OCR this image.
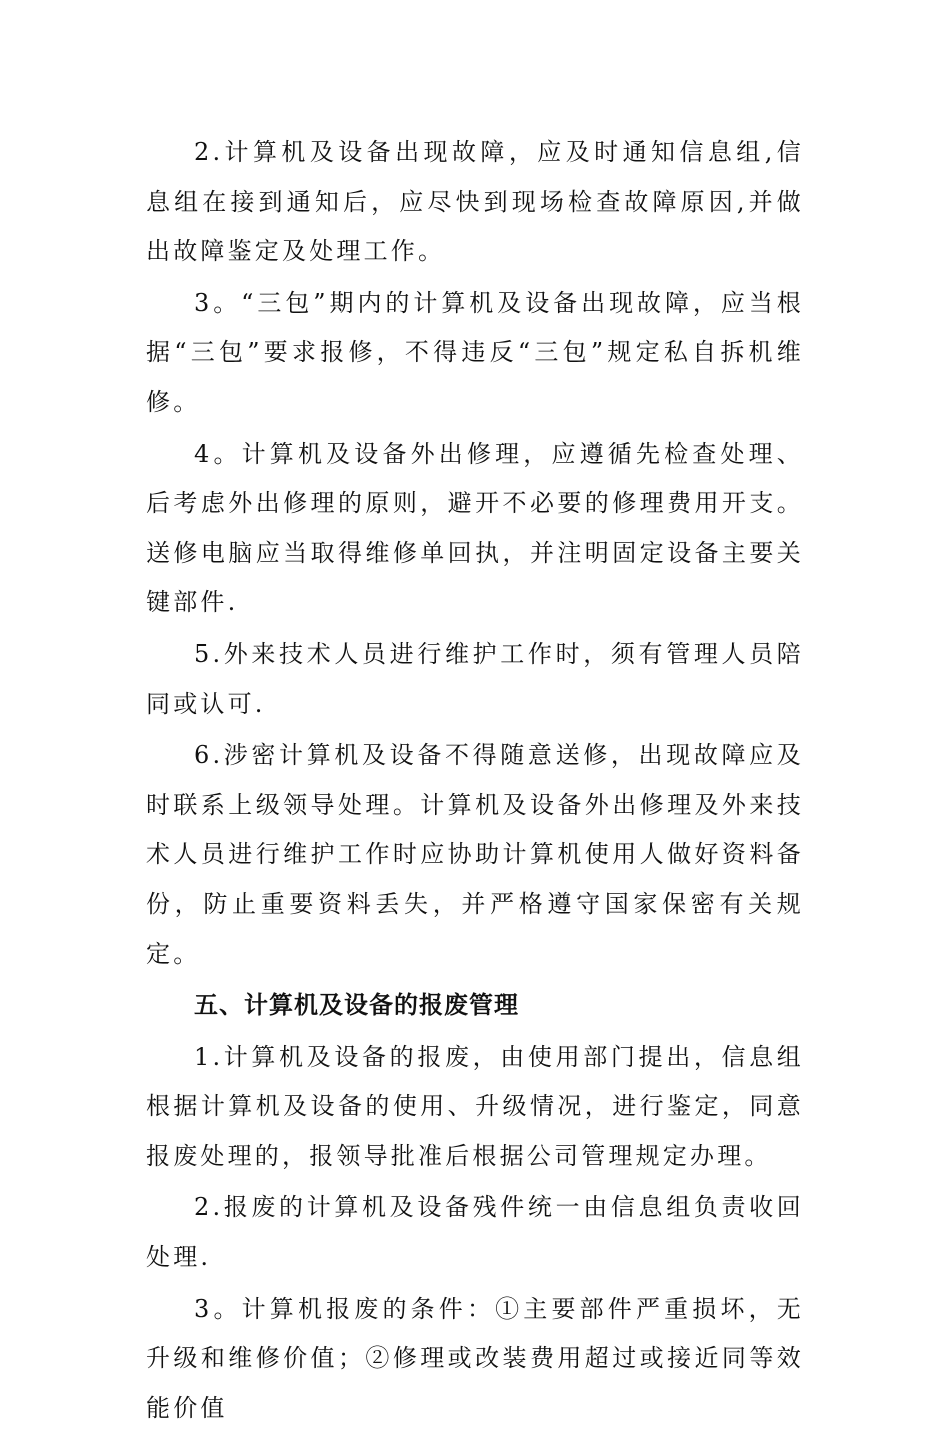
2.计算机及设备出现故障，应及时通知信息组,信息组在接到通知后，应尽快到现场检查故障原因,并做出故障鉴定及处理工作。

3。“三包”期内的计算机及设备出现故障，应当根据“三包”要求报修，不得违反“三包”规定私自拆机维修。

4。计算机及设备外出修理，应遵循先检查处理、后考虑外出修理的原则，避开不必要的修理费用开支。送修电脑应当取得维修单回执，并注明固定设备主要关键部件.

5.外来技术人员进行维护工作时，须有管理人员陪同或认可.

6.涉密计算机及设备不得随意送修，出现故障应及时联系上级领导处理。计算机及设备外出修理及外来技术人员进行维护工作时应协助计算机使用人做好资料备份，防止重要资料丢失，并严格遵守国家保密有关规定。

五、计算机及设备的报废管理

1.计算机及设备的报废，由使用部门提出，信息组根据计算机及设备的使用、升级情况，进行鉴定，同意报废处理的，报领导批准后根据公司管理规定办理。

2.报废的计算机及设备残件统一由信息组负责收回处理.

3。计算机报废的条件：①主要部件严重损坏，无升级和维修价值；②修理或改装费用超过或接近同等效能价值
